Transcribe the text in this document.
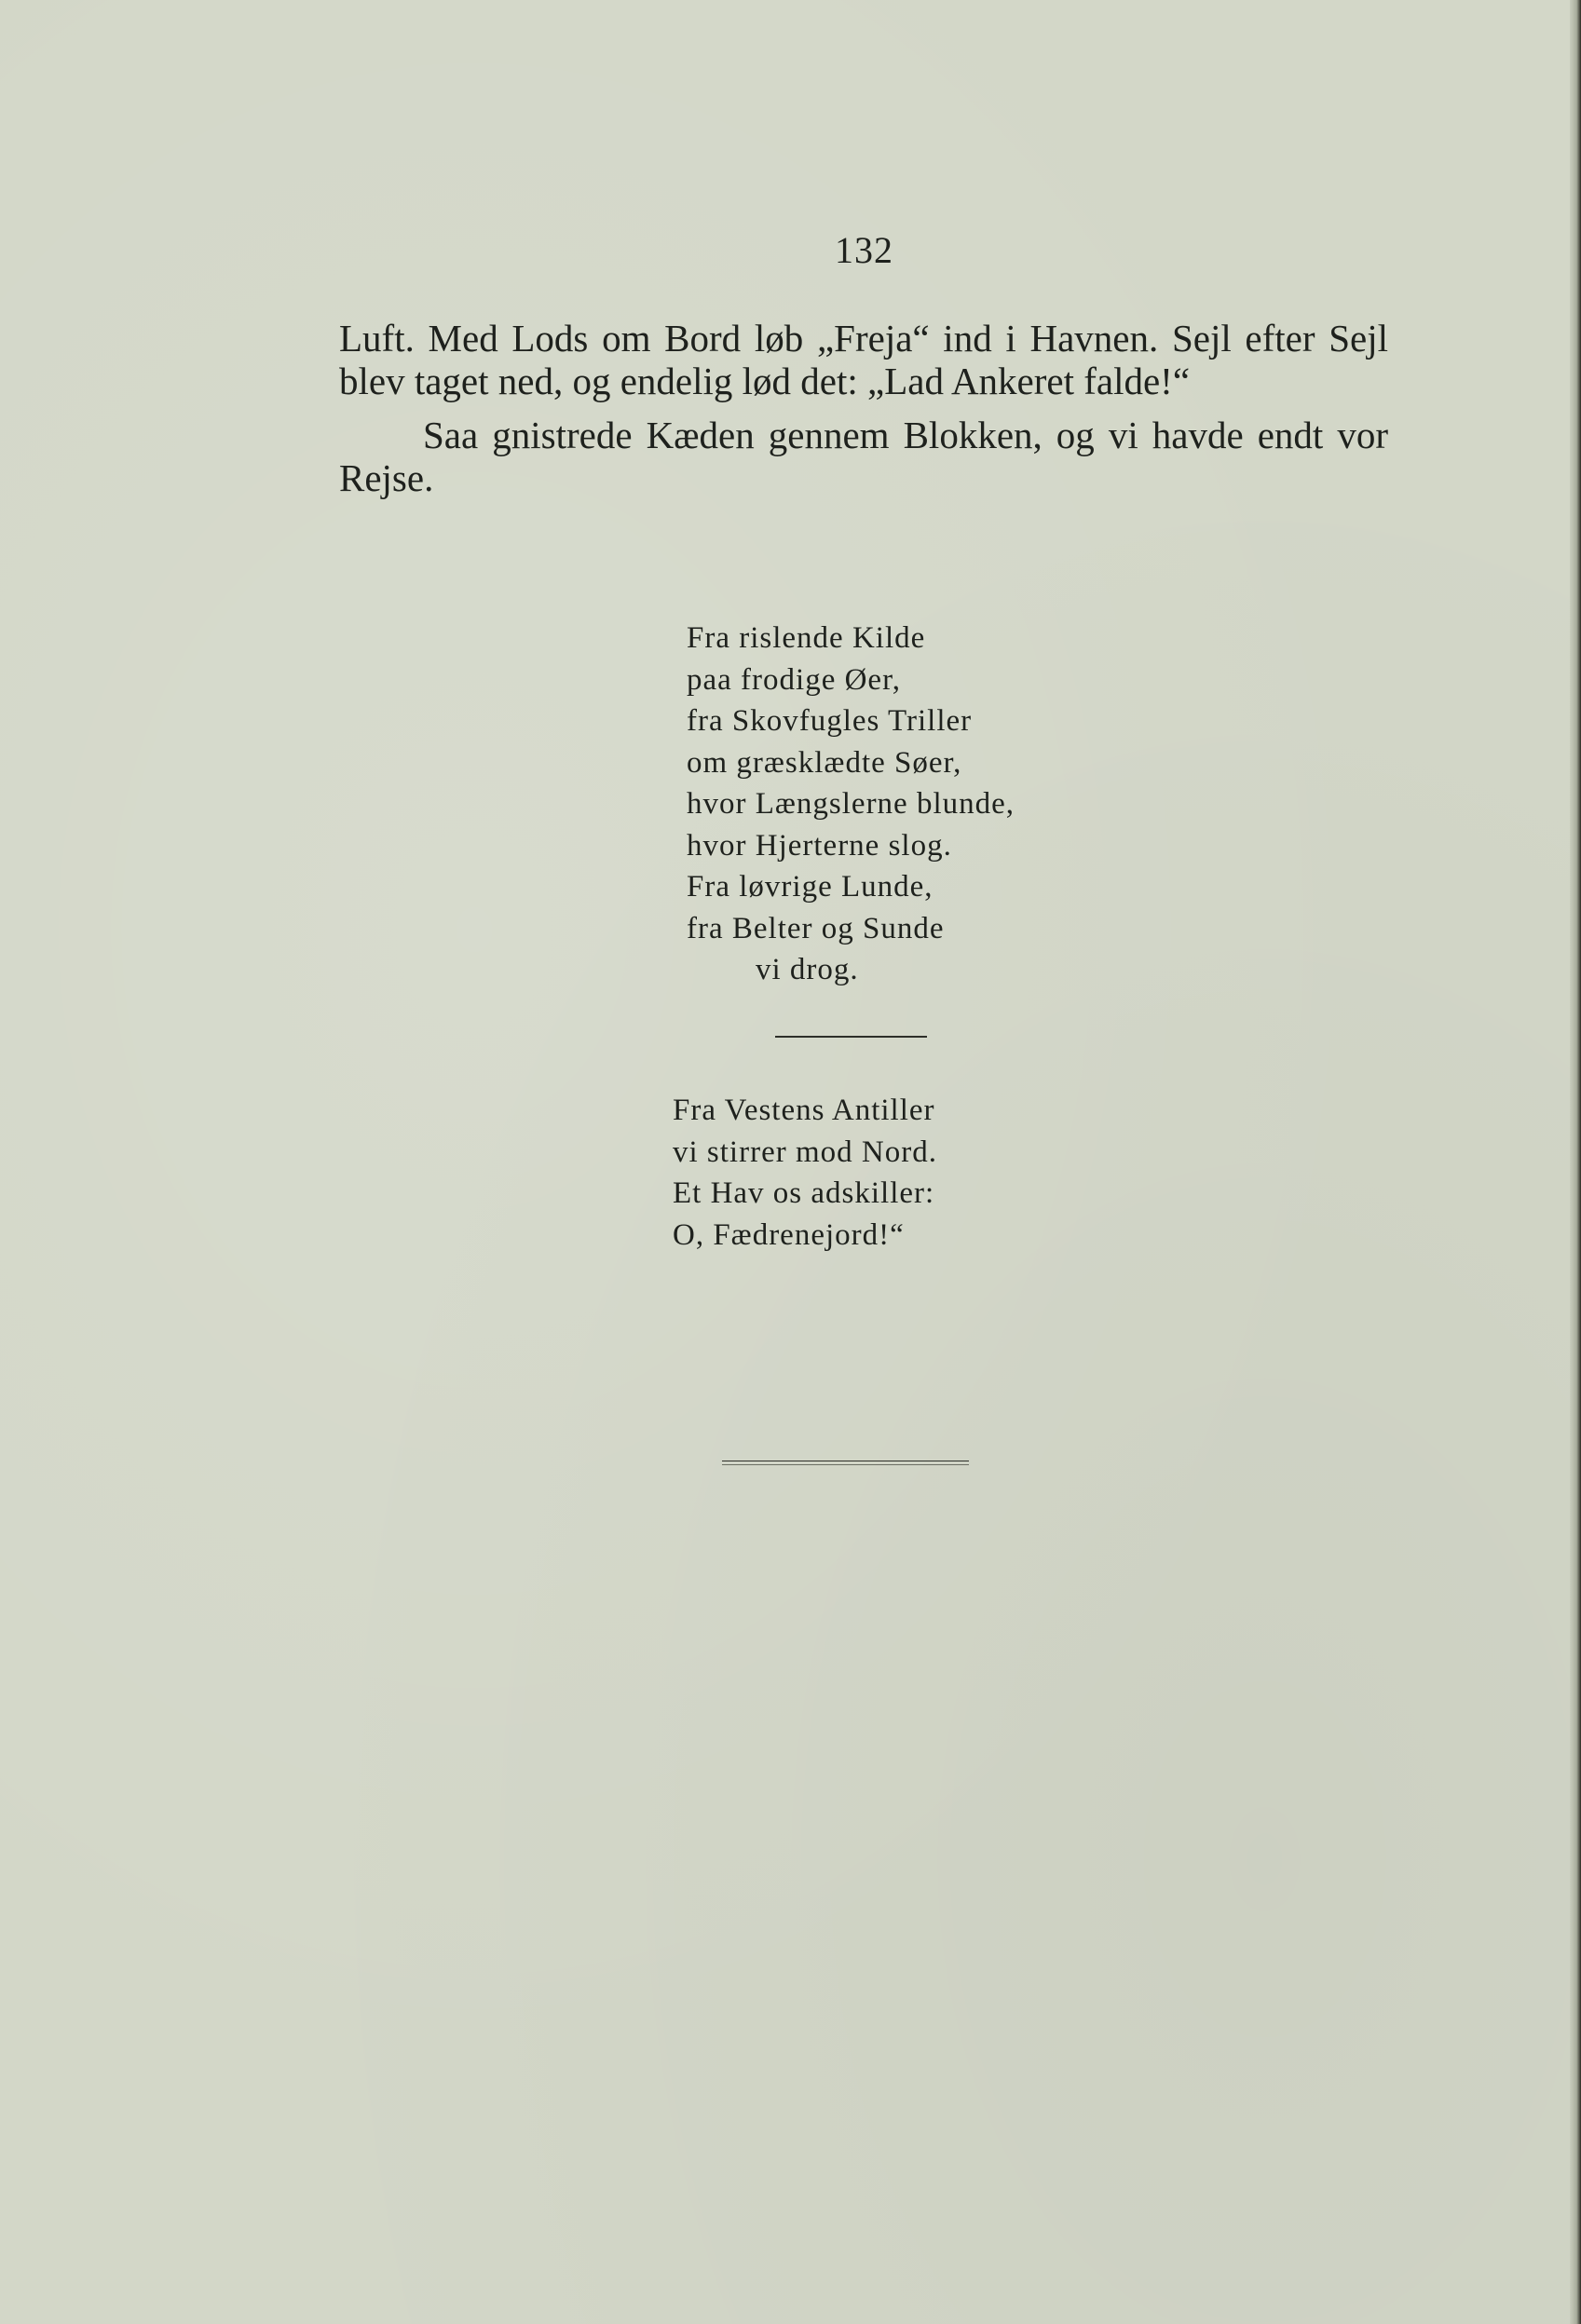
132

Luft. Med Lods om Bord løb „Freja“ ind i Havnen. Sejl efter Sejl blev taget ned, og endelig lød det: „Lad Ankeret falde!“

Saa gnistrede Kæden gennem Blokken, og vi havde endt vor Rejse.

Fra rislende Kilde
paa frodige Øer,
fra Skovfugles Triller
om græsklædte Søer,
hvor Længslerne blunde,
hvor Hjerterne slog.
Fra løvrige Lunde,
fra Belter og Sunde
vi drog.
Fra Vestens Antiller
vi stirrer mod Nord.
Et Hav os adskiller:
O, Fædrenejord!“
